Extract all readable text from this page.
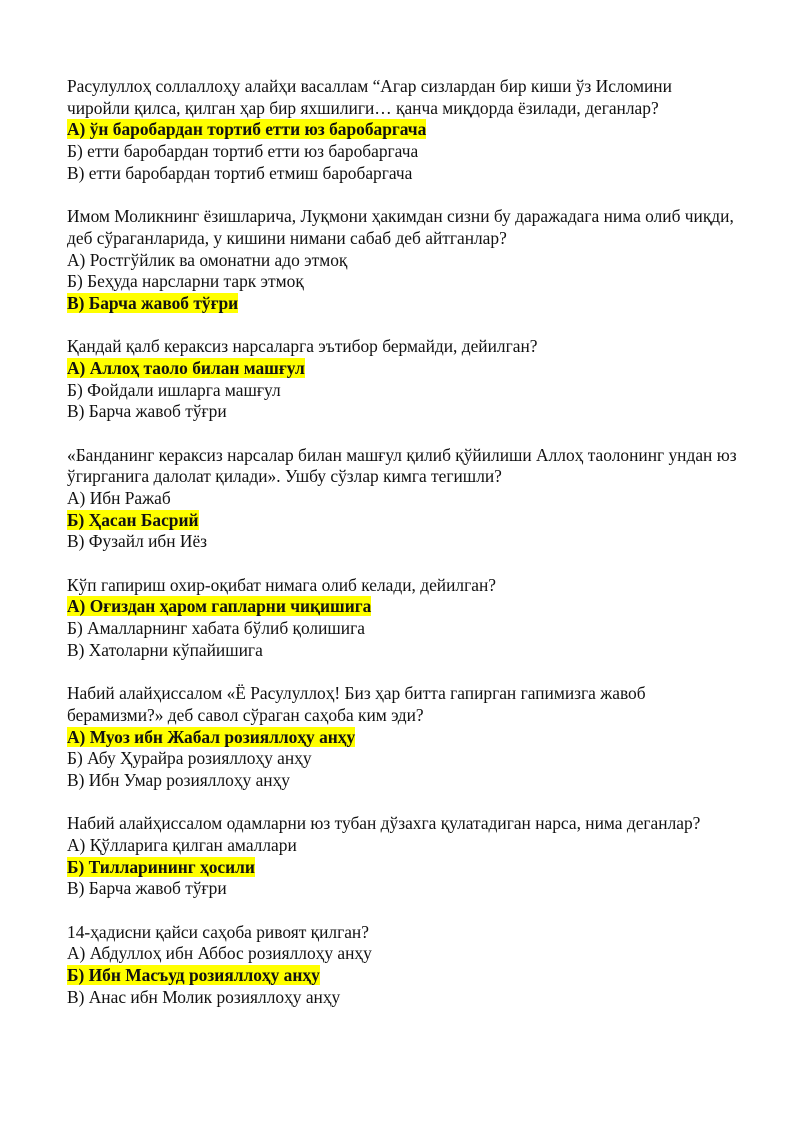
Расулуллоҳ соллаллоҳу алайҳи васаллам “Агар сизлардан бир киши ўз Исломини чиройли қилса, қилган ҳар бир яхшилиги… қанча миқдорда ёзилади, деганлар?

А) ўн баробардан тортиб етти юз баробаргача

Б) етти баробардан тортиб етти юз баробаргача

В) етти баробардан тортиб етмиш баробаргача

Имом Моликнинг ёзишларича, Луқмони ҳакимдан сизни бу даражадага нима олиб чиқди, деб сўраганларида, у кишини нимани сабаб деб айтганлар?

А) Ростгўйлик ва омонатни адо этмоқ

Б) Беҳуда нарсларни тарк этмоқ

В) Барча жавоб тўғри

Қандай қалб кераксиз нарсаларга эътибор бермайди, дейилган?

А) Аллоҳ таоло билан машғул

Б) Фойдали ишларга машғул

В) Барча жавоб тўғри

«Банданинг кераксиз нарсалар билан машғул қилиб қўйилиши Аллоҳ таолонинг ундан юз ўгирганига далолат қилади». Ушбу сўзлар кимга тегишли?

А) Ибн Ражаб

Б) Ҳасан Басрий

В) Фузайл ибн Иёз

Кўп гапириш охир-оқибат нимага олиб келади, дейилган?

А) Оғиздан ҳаром гапларни чиқишига

Б) Амалларнинг хабата бўлиб қолишига

В) Хатоларни кўпайишига

Набий алайҳиссалом «Ё Расулуллоҳ! Биз ҳар битта гапирган гапимизга жавоб берамизми?» деб савол сўраган саҳоба ким эди?

А) Муоз ибн Жабал розияллоҳу анҳу

Б) Абу Ҳурайра розияллоҳу анҳу

В) Ибн Умар розияллоҳу анҳу

Набий алайҳиссалом одамларни юз тубан дўзахга қулатадиган нарса, нима деганлар?

А) Қўлларига қилган амаллари

Б) Тилларининг ҳосили

В) Барча жавоб тўғри

14-ҳадисни қайси саҳоба ривоят қилган?

А) Абдуллоҳ ибн Аббос розияллоҳу анҳу

Б) Ибн Масъуд розияллоҳу анҳу

В) Анас ибн Молик розияллоҳу анҳу
